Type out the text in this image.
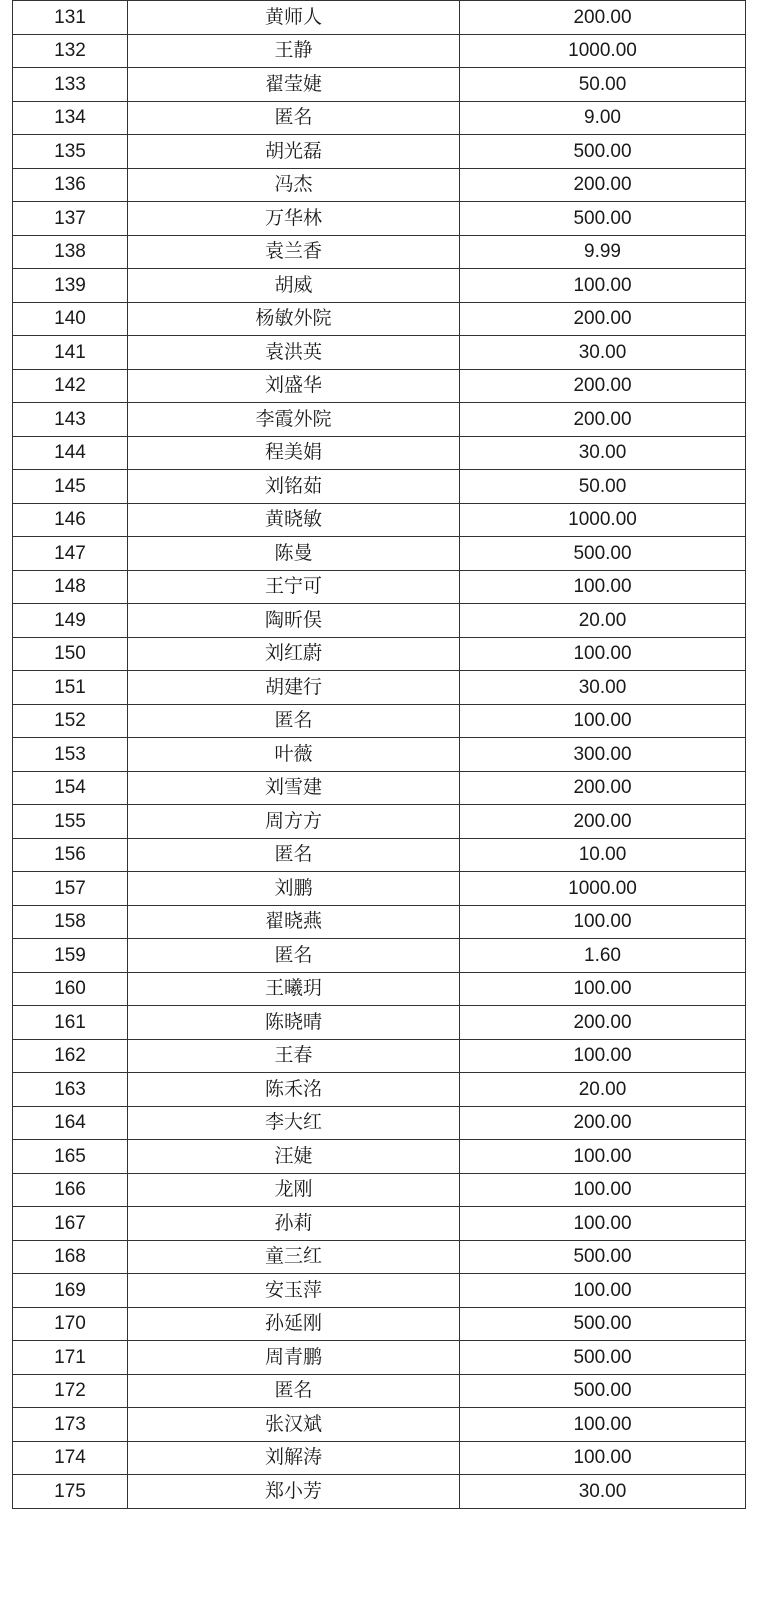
131	黄师人	200.00
132	王静	1000.00
133	翟莹婕	50.00
134	匿名	9.00
135	胡光磊	500.00
136	冯杰	200.00
137	万华林	500.00
138	袁兰香	9.99
139	胡威	100.00
140	杨敏外院	200.00
141	袁洪英	30.00
142	刘盛华	200.00
143	李霞外院	200.00
144	程美娟	30.00
145	刘铭茹	50.00
146	黄晓敏	1000.00
147	陈曼	500.00
148	王宁可	100.00
149	陶昕俣	20.00
150	刘红蔚	100.00
151	胡建行	30.00
152	匿名	100.00
153	叶薇	300.00
154	刘雪建	200.00
155	周方方	200.00
156	匿名	10.00
157	刘鹏	1000.00
158	翟晓燕	100.00
159	匿名	1.60
160	王曦玥	100.00
161	陈晓晴	200.00
162	王春	100.00
163	陈禾洺	20.00
164	李大红	200.00
165	汪婕	100.00
166	龙刚	100.00
167	孙莉	100.00
168	童三红	500.00
169	安玉萍	100.00
170	孙延刚	500.00
171	周青鹏	500.00
172	匿名	500.00
173	张汉斌	100.00
174	刘解涛	100.00
175	郑小芳	30.00
